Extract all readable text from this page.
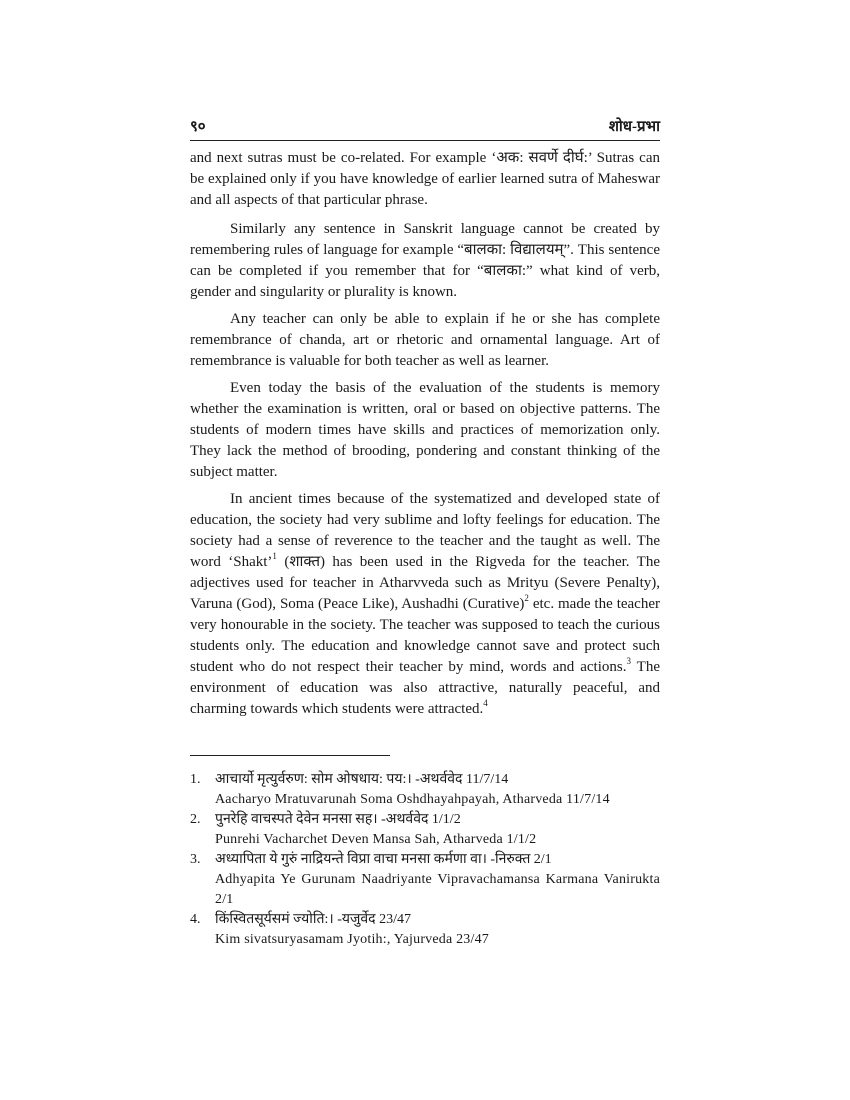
९०	शोध-प्रभा

and next sutras must be co-related. For example ‘अक: सवर्णे दीर्घ:’ Sutras can be explained only if you have knowledge of earlier learned sutra of Maheswar and all aspects of that particular phrase.

Similarly any sentence in Sanskrit language cannot be created by remembering rules of language for example “बालका: विद्यालयम्”. This sentence can be completed if you remember that for “बालका:” what kind of verb, gender and singularity or plurality is known.

Any teacher can only be able to explain if he or she has complete remembrance of chanda, art or rhetoric and ornamental language. Art of remembrance is valuable for both teacher as well as learner.

Even today the basis of the evaluation of the students is memory whether the examination is written, oral or based on objective patterns. The students of modern times have skills and practices of memorization only. They lack the method of brooding, pondering and constant thinking of the subject matter.

In ancient times because of the systematized and developed state of education, the society had very sublime and lofty feelings for education. The society had a sense of reverence to the teacher and the taught as well. The word ‘Shakt’$^1$ (शाक्त) has been used in the Rigveda for the teacher. The adjectives used for teacher in Atharvveda such as Mrityu (Severe Penalty), Varuna (God), Soma (Peace Like), Aushadhi (Curative)$^2$ etc. made the teacher very honourable in the society. The teacher was supposed to teach the curious students only. The education and knowledge cannot save and protect such student who do not respect their teacher by mind, words and actions.$^3$ The environment of education was also attractive, naturally peaceful, and charming towards which students were attracted.$^4$

1.	आचार्यो मृत्युर्वरुण: सोम ओषधाय: पय:। -अथर्ववेद 11/7/14
Aacharyo Mratuvarunah Soma Oshdhayahpayah, Atharveda 11/7/14
2.	पुनरेहि वाचस्पते देवेन मनसा सह। -अथर्ववेद 1/1/2
Punrehi Vacharchet Deven Mansa Sah, Atharveda 1/1/2
3.	अध्यापिता ये गुरुं नाद्रियन्ते विप्रा वाचा मनसा कर्मणा वा। -निरुक्त 2/1
Adhyapita Ye Gurunam Naadriyante Vipravachamansa Karmana Vanirukta 2/1
4.	किंस्वितसूर्यसमं ज्योति:। -यजुर्वेद 23/47
Kim sivatsuryasamam Jyotih:, Yajurveda 23/47
